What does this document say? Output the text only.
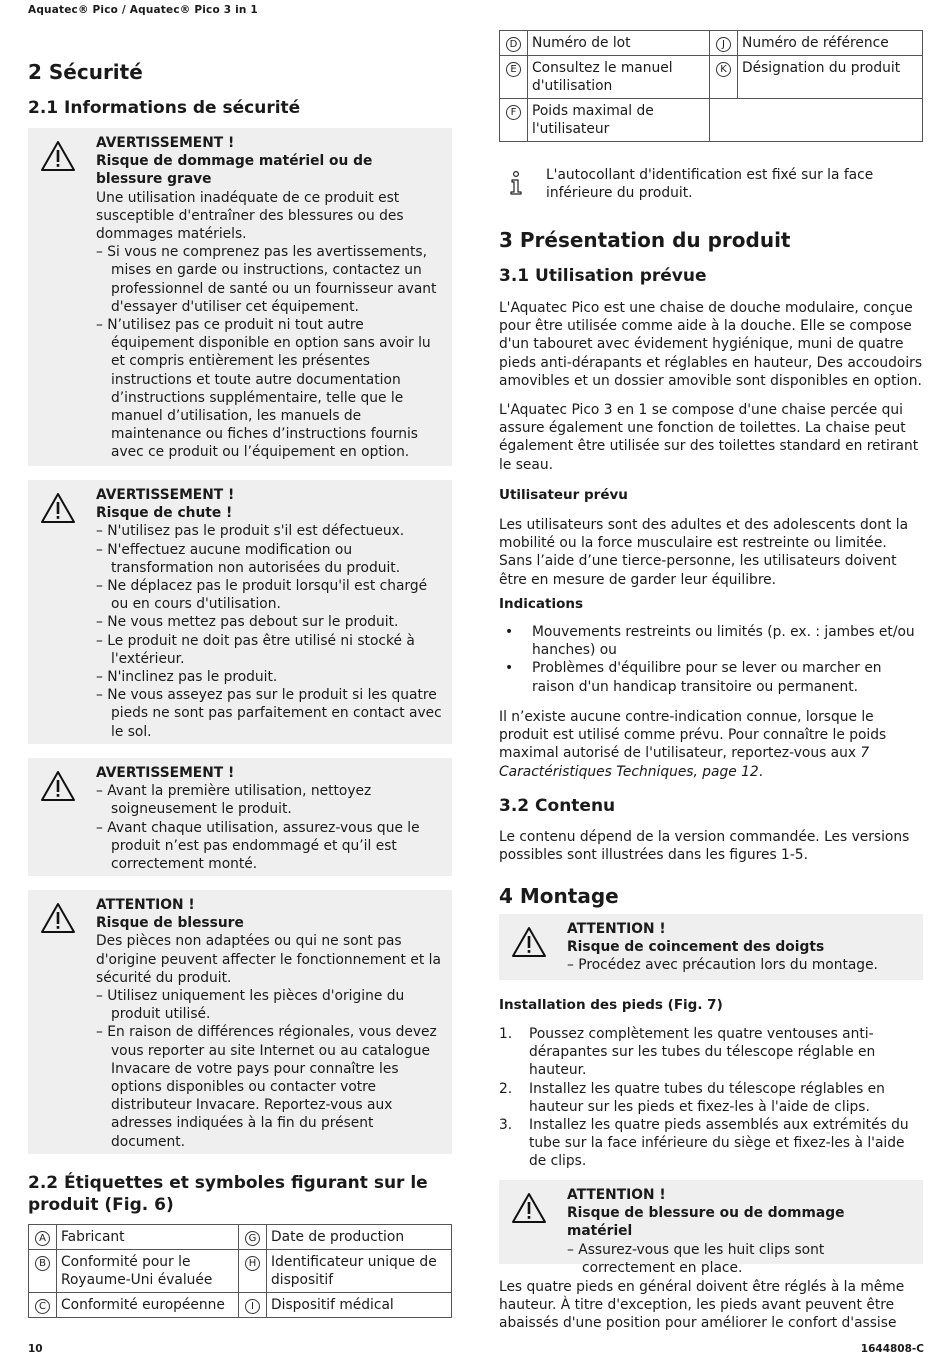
Aquatec® Pico / Aquatec® Pico 3 in 1
10	1644808-C
2 Sécurité
2.1 Informations de sécurité
AVERTISSEMENT !
Risque de dommage matériel ou de blessure grave
Une utilisation inadéquate de ce produit est susceptible d'entraîner des blessures ou des dommages matériels.
– Si vous ne comprenez pas les avertissements, mises en garde ou instructions, contactez un professionnel de santé ou un fournisseur avant d'essayer d'utiliser cet équipement.
– N’utilisez pas ce produit ni tout autre équipement disponible en option sans avoir lu et compris entièrement les présentes instructions et toute autre documentation d’instructions supplémentaire, telle que le manuel d’utilisation, les manuels de maintenance ou fiches d’instructions fournis avec ce produit ou l’équipement en option.
AVERTISSEMENT !
Risque de chute !
– N'utilisez pas le produit s'il est défectueux.
– N'effectuez aucune modification ou transformation non autorisées du produit.
– Ne déplacez pas le produit lorsqu'il est chargé ou en cours d'utilisation.
– Ne vous mettez pas debout sur le produit.
– Le produit ne doit pas être utilisé ni stocké à l'extérieur.
– N'inclinez pas le produit.
– Ne vous asseyez pas sur le produit si les quatre pieds ne sont pas parfaitement en contact avec le sol.
AVERTISSEMENT !
– Avant la première utilisation, nettoyez soigneusement le produit.
– Avant chaque utilisation, assurez-vous que le produit n’est pas endommagé et qu’il est correctement monté.
ATTENTION !
Risque de blessure
Des pièces non adaptées ou qui ne sont pas d'origine peuvent affecter le fonctionnement et la sécurité du produit.
– Utilisez uniquement les pièces d'origine du produit utilisé.
– En raison de différences régionales, vous devez vous reporter au site Internet ou au catalogue Invacare de votre pays pour connaître les options disponibles ou contacter votre distributeur Invacare. Reportez-vous aux adresses indiquées à la fin du présent document.
2.2 Étiquettes et symboles figurant sur le produit (Fig. 6)
A	Fabricant	G	Date de production
B	Conformité pour le Royaume-Uni évaluée	H	Identificateur unique de dispositif
C	Conformité européenne	I	Dispositif médical
D	Numéro de lot	J	Numéro de référence
E	Consultez le manuel d'utilisation	K	Désignation du produit
F	Poids maximal de l'utilisateur		
L'autocollant d'identification est fixé sur la face inférieure du produit.
3 Présentation du produit
3.1 Utilisation prévue
L'Aquatec Pico est une chaise de douche modulaire, conçue pour être utilisée comme aide à la douche. Elle se compose d'un tabouret avec évidement hygiénique, muni de quatre pieds anti-dérapants et réglables en hauteur, Des accoudoirs amovibles et un dossier amovible sont disponibles en option.
L'Aquatec Pico 3 en 1 se compose d'une chaise percée qui assure également une fonction de toilettes. La chaise peut également être utilisée sur des toilettes standard en retirant le seau.
Utilisateur prévu
Les utilisateurs sont des adultes et des adolescents dont la mobilité ou la force musculaire est restreinte ou limitée. Sans l’aide d’une tierce-personne, les utilisateurs doivent être en mesure de garder leur équilibre.
Indications
• Mouvements restreints ou limités (p. ex. : jambes et/ou hanches) ou
• Problèmes d'équilibre pour se lever ou marcher en raison d'un handicap transitoire ou permanent.
Il n’existe aucune contre-indication connue, lorsque le produit est utilisé comme prévu. Pour connaître le poids maximal autorisé de l'utilisateur, reportez-vous aux 7 Caractéristiques Techniques, page 12.
3.2 Contenu
Le contenu dépend de la version commandée. Les versions possibles sont illustrées dans les figures 1-5.
4 Montage
ATTENTION !
Risque de coincement des doigts
– Procédez avec précaution lors du montage.
Installation des pieds (Fig. 7)
1. Poussez complètement les quatre ventouses anti-dérapantes sur les tubes du télescope réglable en hauteur.
2. Installez les quatre tubes du télescope réglables en hauteur sur les pieds et fixez-les à l'aide de clips.
3. Installez les quatre pieds assemblés aux extrémités du tube sur la face inférieure du siège et fixez-les à l'aide de clips.
ATTENTION !
Risque de blessure ou de dommage matériel
– Assurez-vous que les huit clips sont correctement en place.
Les quatre pieds en général doivent être réglés à la même hauteur. À titre d'exception, les pieds avant peuvent être abaissés d'une position pour améliorer le confort d'assise
